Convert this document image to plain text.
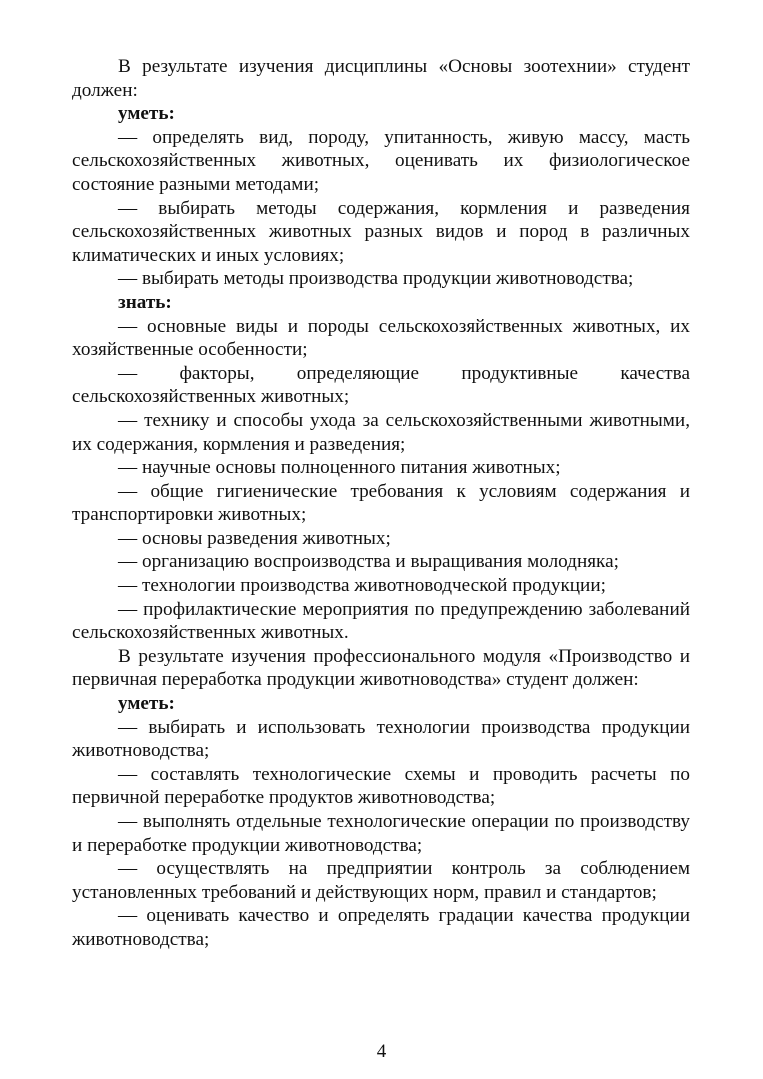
В результате изучения дисциплины «Основы зоотехнии» студент должен:

уметь:

— определять вид, породу, упитанность, живую массу, масть сельскохозяйственных животных, оценивать их физиологическое состояние разными методами;

— выбирать методы содержания, кормления и разведения сельскохозяйственных животных разных видов и пород в различных климатических и иных условиях;

— выбирать методы производства продукции животноводства;

знать:

— основные виды и породы сельскохозяйственных животных, их хозяйственные особенности;

— факторы, определяющие продуктивные качества сельскохозяйственных животных;

— технику и способы ухода за сельскохозяйственными животными, их содержания, кормления и разведения;

— научные основы полноценного питания животных;

— общие гигиенические требования к условиям содержания и транспортировки животных;

— основы разведения животных;

— организацию воспроизводства и выращивания молодняка;

— технологии производства животноводческой продукции;

— профилактические мероприятия по предупреждению заболеваний сельскохозяйственных животных.

В результате изучения профессионального модуля «Производство и первичная переработка продукции животноводства» студент должен:

уметь:

— выбирать и использовать технологии производства продукции животноводства;

— составлять технологические схемы и проводить расчеты по первичной переработке продуктов животноводства;

— выполнять отдельные технологические операции по производству и переработке продукции животноводства;

— осуществлять на предприятии контроль за соблюдением установленных требований и действующих норм, правил и стандартов;

— оценивать качество и определять градации качества продукции животноводства;

4
